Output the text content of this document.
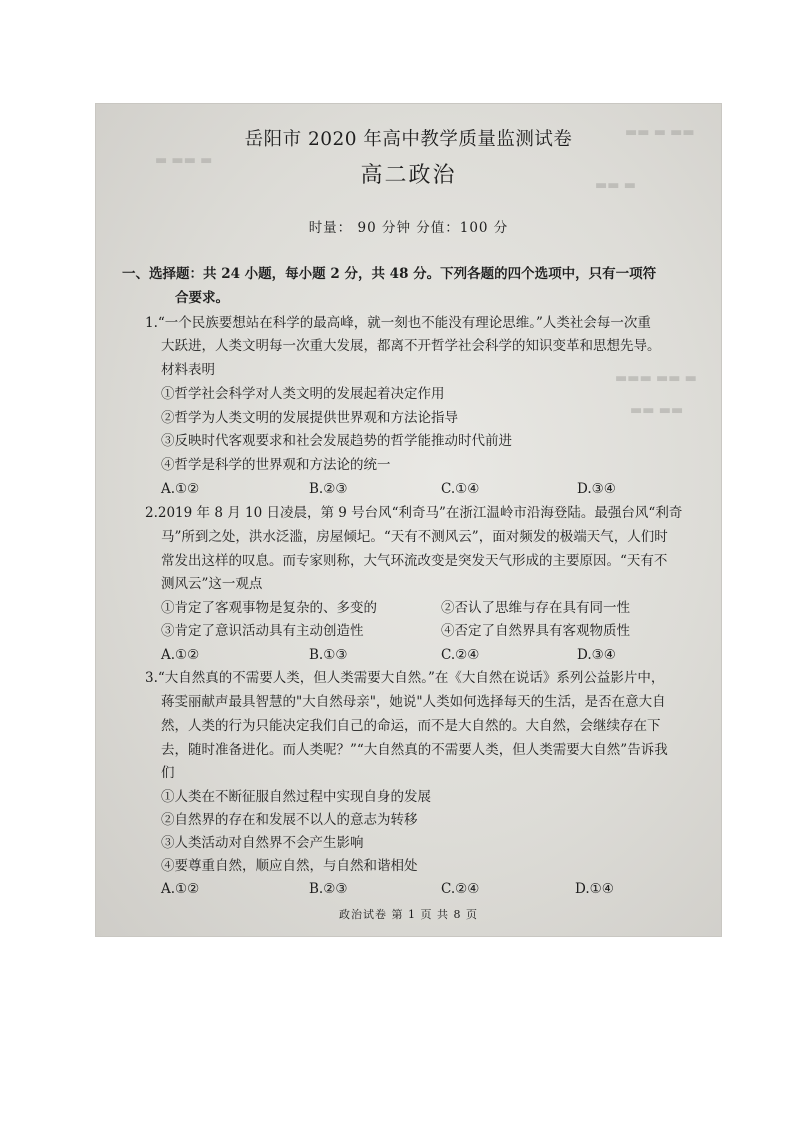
▬▬ ▬ ▬▬
▬ ▬▬ ▬
▬▬ ▬
▬▬▬ ▬▬ ▬
▬▬ ▬▬
岳阳市 2020 年高中教学质量监测试卷
高二政治
时量： 90 分钟 分值：100 分
一、选择题：共 24 小题，每小题 2 分，共 48 分。下列各题的四个选项中，只有一项符
合要求。
1.“一个民族要想站在科学的最高峰，就一刻也不能没有理论思维。”人类社会每一次重
大跃进，人类文明每一次重大发展，都离不开哲学社会科学的知识变革和思想先导。
材料表明
①哲学社会科学对人类文明的发展起着决定作用
②哲学为人类文明的发展提供世界观和方法论指导
③反映时代客观要求和社会发展趋势的哲学能推动时代前进
④哲学是科学的世界观和方法论的统一
A.①②	B.②③	C.①④	D.③④
2.2019 年 8 月 10 日凌晨，第 9 号台风“利奇马”在浙江温岭市沿海登陆。最强台风“利奇
马”所到之处，洪水泛滥，房屋倾圮。“天有不测风云”，面对频发的极端天气，人们时
常发出这样的叹息。而专家则称，大气环流改变是突发天气形成的主要原因。“天有不
测风云”这一观点
①肯定了客观事物是复杂的、多变的	②否认了思维与存在具有同一性
③肯定了意识活动具有主动创造性	④否定了自然界具有客观物质性
A.①②	B.①③	C.②④	D.③④
3.“大自然真的不需要人类，但人类需要大自然。”在《大自然在说话》系列公益影片中，
蒋雯丽献声最具智慧的"大自然母亲"，她说"人类如何选择每天的生活，是否在意大自
然，人类的行为只能决定我们自己的命运，而不是大自然的。大自然，会继续存在下
去，随时准备进化。而人类呢？”“大自然真的不需要人类，但人类需要大自然”告诉我
们
①人类在不断征服自然过程中实现自身的发展
②自然界的存在和发展不以人的意志为转移
③人类活动对自然界不会产生影响
④要尊重自然，顺应自然，与自然和谐相处
A.①②	B.②③	C.②④	D.①④
政治试卷 第 1 页 共 8 页
